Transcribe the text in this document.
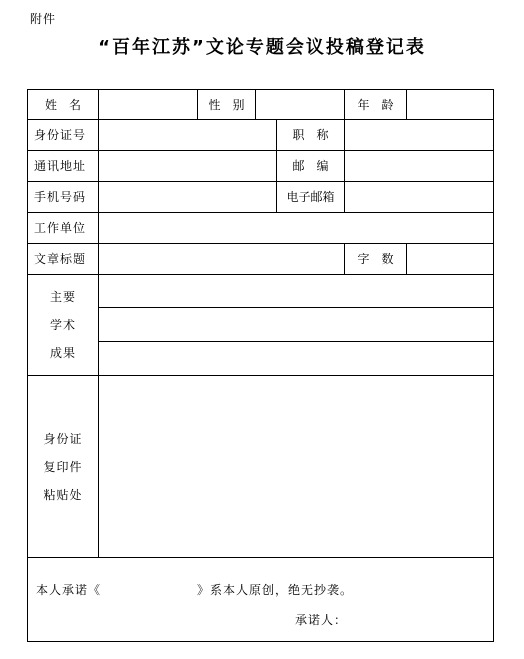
附件
“百年江苏”文论专题会议投稿登记表
姓　名		性　别			年　龄	
身份证号				职　称		
通讯地址				邮　编		
手机号码				电子邮箱		
工作单位						
文章标题					字　数	

主要
学术
成果						

身份证
复印件
粘贴处						

本人承诺《 》系本人原创，绝无抄袭。
承诺人：						
